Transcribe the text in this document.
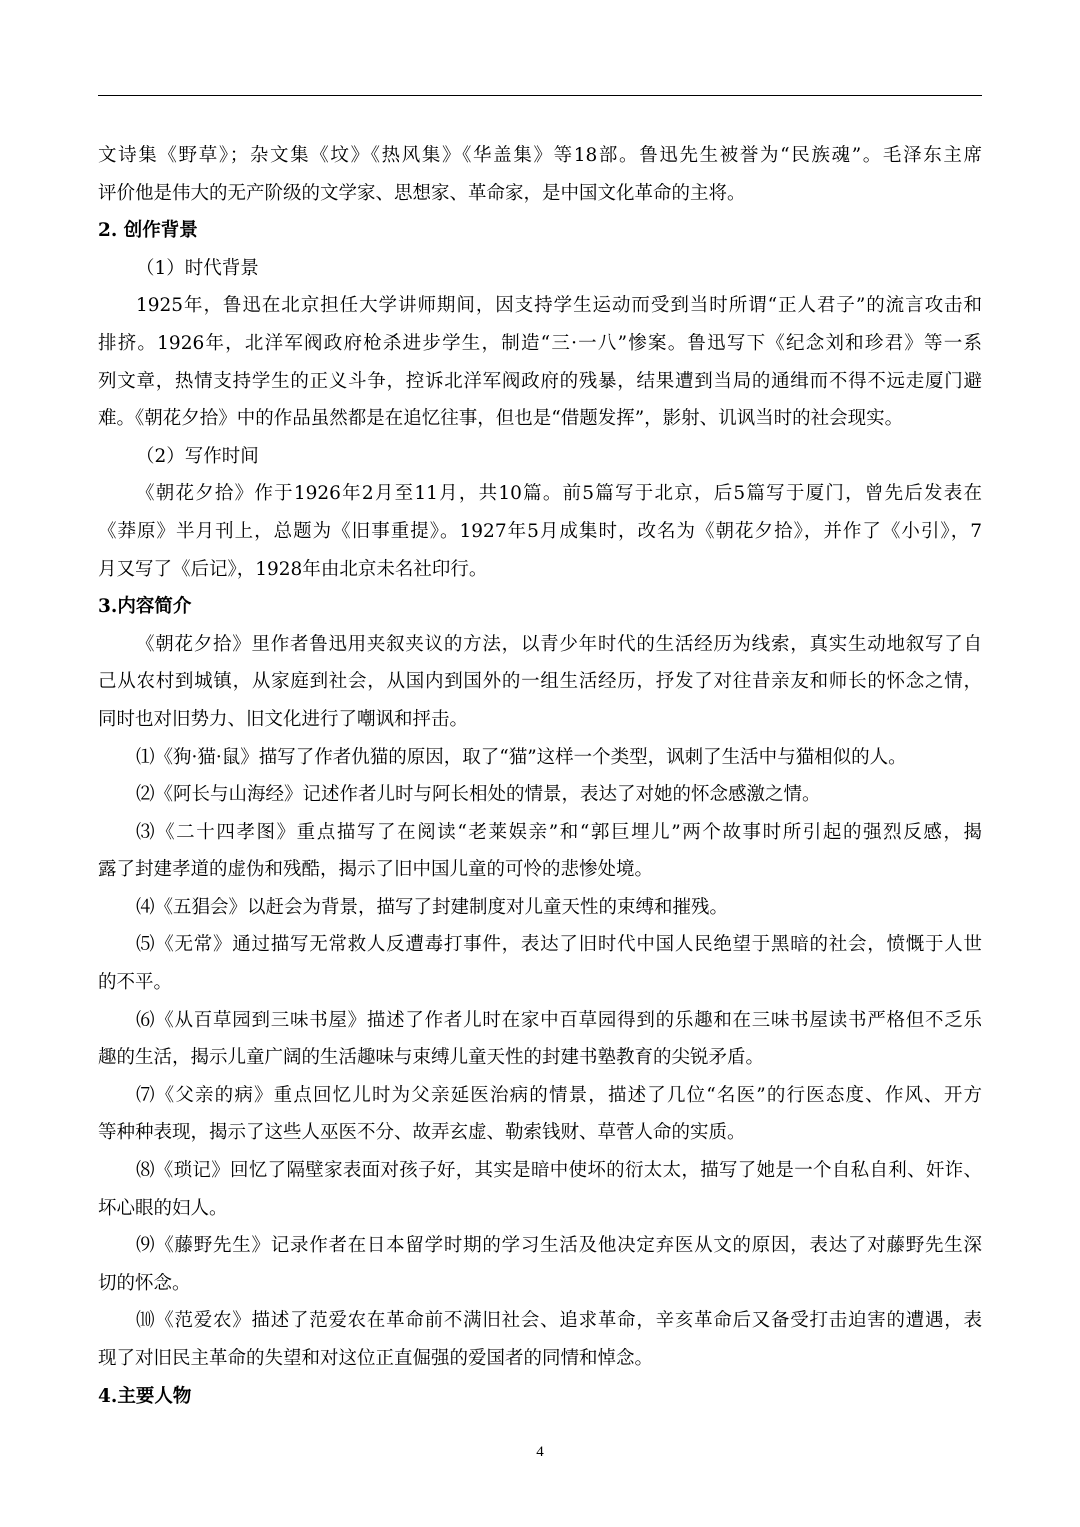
文诗集《野草》；杂文集《坟》《热风集》《华盖集》等18部。鲁迅先生被誉为“民族魂”。毛泽东主席
评价他是伟大的无产阶级的文学家、思想家、革命家，是中国文化革命的主将。
2. 创作背景
（1）时代背景
1925年，鲁迅在北京担任大学讲师期间，因支持学生运动而受到当时所谓“正人君子”的流言攻击和
排挤。1926年，北洋军阀政府枪杀进步学生，制造“三·一八”惨案。鲁迅写下《纪念刘和珍君》等一系
列文章，热情支持学生的正义斗争，控诉北洋军阀政府的残暴，结果遭到当局的通缉而不得不远走厦门避
难。《朝花夕拾》中的作品虽然都是在追忆往事，但也是“借题发挥”，影射、讥讽当时的社会现实。
（2）写作时间
《朝花夕拾》作于1926年2月至11月，共10篇。前5篇写于北京，后5篇写于厦门，曾先后发表在
《莽原》半月刊上，总题为《旧事重提》。1927年5月成集时，改名为《朝花夕拾》，并作了《小引》，7
月又写了《后记》，1928年由北京未名社印行。
3.内容简介
《朝花夕拾》里作者鲁迅用夹叙夹议的方法，以青少年时代的生活经历为线索，真实生动地叙写了自
己从农村到城镇，从家庭到社会，从国内到国外的一组生活经历，抒发了对往昔亲友和师长的怀念之情，
同时也对旧势力、旧文化进行了嘲讽和抨击。
⑴《狗·猫·鼠》描写了作者仇猫的原因，取了“猫”这样一个类型，讽刺了生活中与猫相似的人。
⑵《阿长与山海经》记述作者儿时与阿长相处的情景，表达了对她的怀念感激之情。
⑶《二十四孝图》重点描写了在阅读“老莱娱亲”和“郭巨埋儿”两个故事时所引起的强烈反感，揭
露了封建孝道的虚伪和残酷，揭示了旧中国儿童的可怜的悲惨处境。
⑷《五猖会》以赶会为背景，描写了封建制度对儿童天性的束缚和摧残。
⑸《无常》通过描写无常救人反遭毒打事件，表达了旧时代中国人民绝望于黑暗的社会，愤慨于人世
的不平。
⑹《从百草园到三味书屋》描述了作者儿时在家中百草园得到的乐趣和在三味书屋读书严格但不乏乐
趣的生活，揭示儿童广阔的生活趣味与束缚儿童天性的封建书塾教育的尖锐矛盾。
⑺《父亲的病》重点回忆儿时为父亲延医治病的情景，描述了几位“名医”的行医态度、作风、开方
等种种表现，揭示了这些人巫医不分、故弄玄虚、勒索钱财、草菅人命的实质。
⑻《琐记》回忆了隔壁家表面对孩子好，其实是暗中使坏的衍太太，描写了她是一个自私自利、奸诈、
坏心眼的妇人。
⑼《藤野先生》记录作者在日本留学时期的学习生活及他决定弃医从文的原因，表达了对藤野先生深
切的怀念。
⑽《范爱农》描述了范爱农在革命前不满旧社会、追求革命，辛亥革命后又备受打击迫害的遭遇，表
现了对旧民主革命的失望和对这位正直倔强的爱国者的同情和悼念。
4.主要人物
4
